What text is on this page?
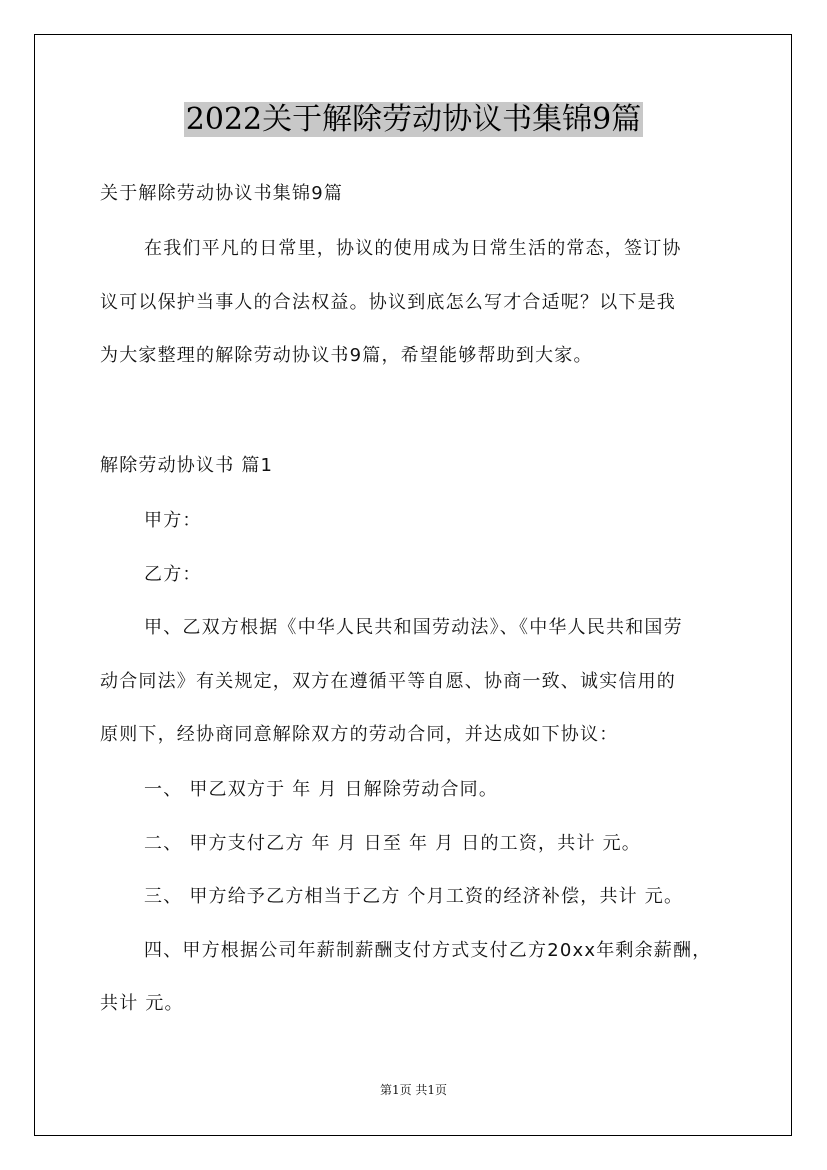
2022关于解除劳动协议书集锦9篇
关于解除劳动协议书集锦9篇
在我们平凡的日常里，协议的使用成为日常生活的常态，签订协
议可以保护当事人的合法权益。协议到底怎么写才合适呢？以下是我
为大家整理的解除劳动协议书9篇，希望能够帮助到大家。
解除劳动协议书 篇1
甲方：
乙方：
甲、乙双方根据《中华人民共和国劳动法》、《中华人民共和国劳
动合同法》有关规定，双方在遵循平等自愿、协商一致、诚实信用的
原则下，经协商同意解除双方的劳动合同，并达成如下协议：
一、 甲乙双方于 年 月 日解除劳动合同。
二、 甲方支付乙方 年 月 日至 年 月 日的工资，共计 元。
三、 甲方给予乙方相当于乙方 个月工资的经济补偿，共计 元。
四、甲方根据公司年薪制薪酬支付方式支付乙方20xx年剩余薪酬，
共计 元。
第1页 共1页
